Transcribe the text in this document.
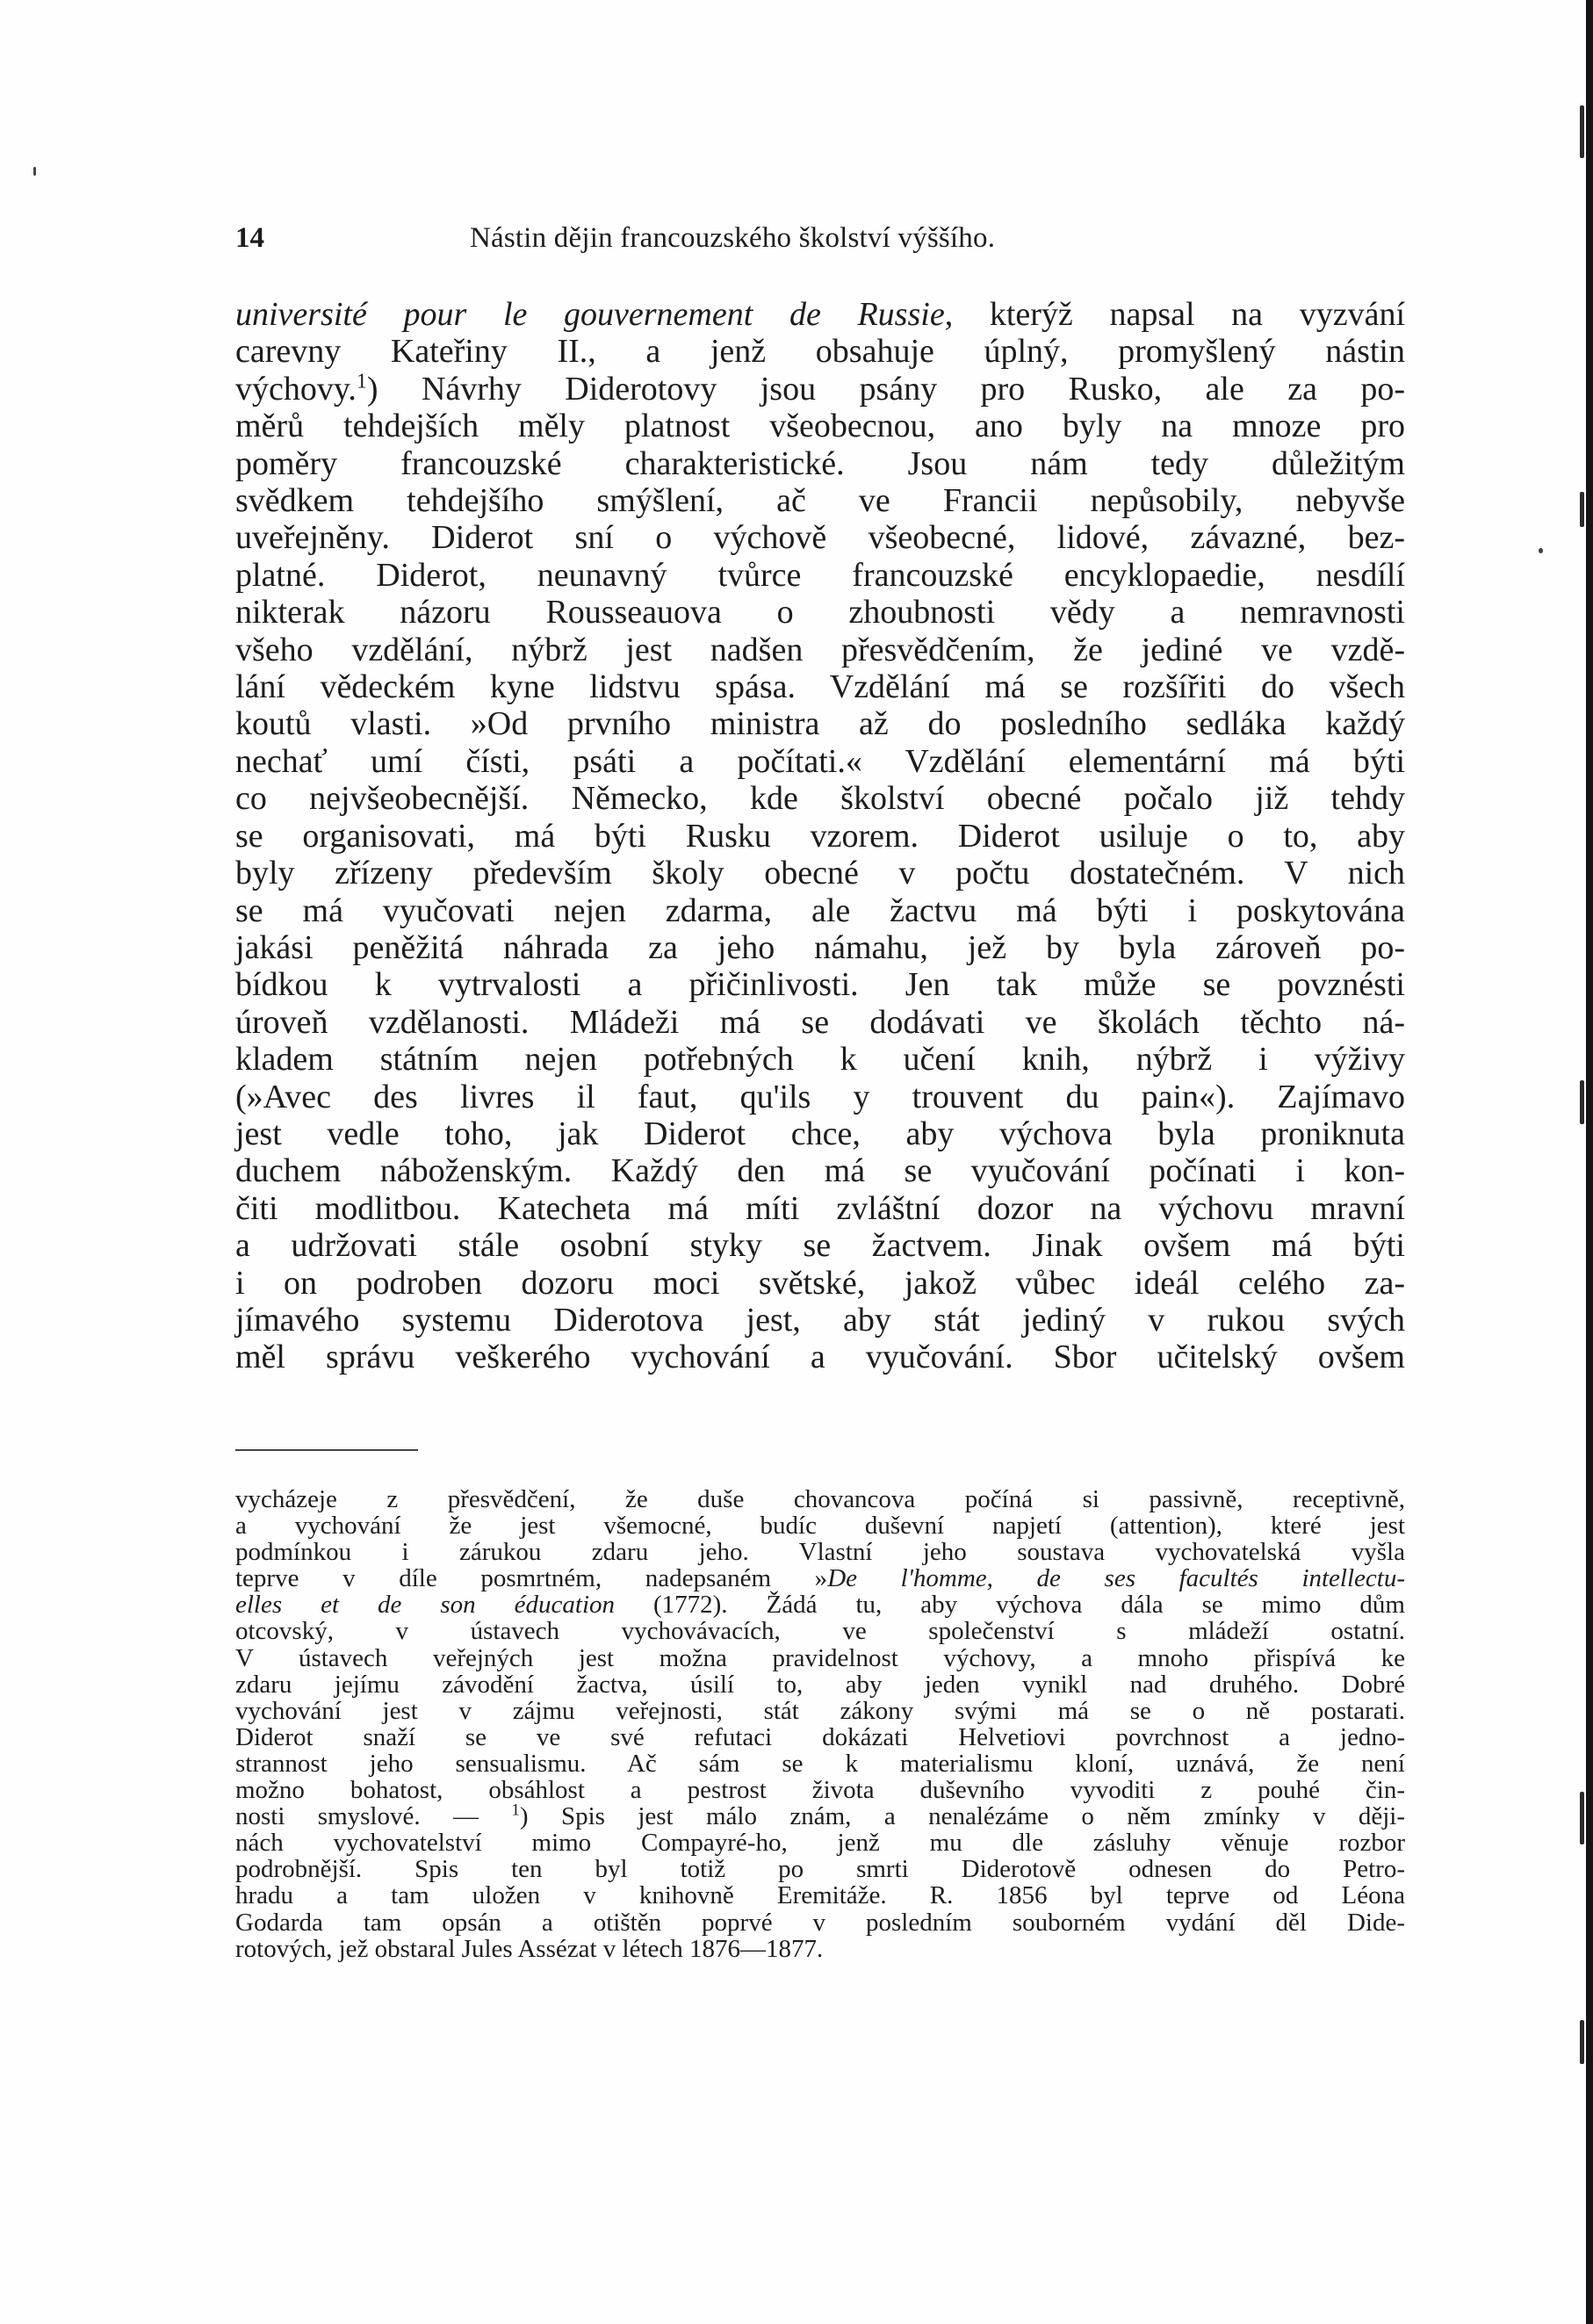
14	Nástin dějin francouzského školství výššího.
université pour le gouvernement de Russie, kterýž napsal na vyzvání
carevny Kateřiny II., a jenž obsahuje úplný, promyšlený nástin
výchovy.$^1$) Návrhy Diderotovy jsou psány pro Rusko, ale za po-
měrů tehdejších měly platnost všeobecnou, ano byly na mnoze pro
poměry francouzské charakteristické. Jsou nám tedy důležitým
svědkem tehdejšího smýšlení, ač ve Francii nepůsobily, nebyvše
uveřejněny. Diderot sní o výchově všeobecné, lidové, závazné, bez-
platné. Diderot, neunavný tvůrce francouzské encyklopaedie, nesdílí
nikterak názoru Rousseauova o zhoubnosti vědy a nemravnosti
všeho vzdělání, nýbrž jest nadšen přesvědčením, že jediné ve vzdě-
lání vědeckém kyne lidstvu spása. Vzdělání má se rozšířiti do všech
koutů vlasti. »Od prvního ministra až do posledního sedláka každý
nechať umí čísti, psáti a počítati.« Vzdělání elementární má býti
co nejvšeobecnější. Německo, kde školství obecné počalo již tehdy
se organisovati, má býti Rusku vzorem. Diderot usiluje o to, aby
byly zřízeny především školy obecné v počtu dostatečném. V nich
se má vyučovati nejen zdarma, ale žactvu má býti i poskytována
jakási peněžitá náhrada za jeho námahu, jež by byla zároveň po-
bídkou k vytrvalosti a přičinlivosti. Jen tak může se povznésti
úroveň vzdělanosti. Mládeži má se dodávati ve školách těchto ná-
kladem státním nejen potřebných k učení knih, nýbrž i výživy
(»Avec des livres il faut, qu'ils y trouvent du pain«). Zajímavo
jest vedle toho, jak Diderot chce, aby výchova byla proniknuta
duchem náboženským. Každý den má se vyučování počínati i kon-
čiti modlitbou. Katecheta má míti zvláštní dozor na výchovu mravní
a udržovati stále osobní styky se žactvem. Jinak ovšem má býti
i on podroben dozoru moci světské, jakož vůbec ideál celého za-
jímavého systemu Diderotova jest, aby stát jediný v rukou svých
měl správu veškerého vychování a vyučování. Sbor učitelský ovšem
vycházeje z přesvědčení, že duše chovancova počíná si passivně, receptivně,
a vychování že jest všemocné, budíc duševní napjetí (attention), které jest
podmínkou i zárukou zdaru jeho. Vlastní jeho soustava vychovatelská vyšla
teprve v díle posmrtném, nadepsaném »De l'homme, de ses facultés intellectu-
elles et de son éducation (1772). Žádá tu, aby výchova dála se mimo dům
otcovský, v ústavech vychovávacích, ve společenství s mládeží ostatní.
V ústavech veřejných jest možna pravidelnost výchovy, a mnoho přispívá ke
zdaru jejímu závodění žactva, úsilí to, aby jeden vynikl nad druhého. Dobré
vychování jest v zájmu veřejnosti, stát zákony svými má se o ně postarati.
Diderot snaží se ve své refutaci dokázati Helvetiovi povrchnost a jedno-
strannost jeho sensualismu. Ač sám se k materialismu kloní, uznává, že není
možno bohatost, obsáhlost a pestrost života duševního vyvoditi z pouhé čin-
nosti smyslové. — $^1$) Spis jest málo znám, a nenalézáme o něm zmínky v ději-
nách vychovatelství mimo Compayré-ho, jenž mu dle zásluhy věnuje rozbor
podrobnější. Spis ten byl totiž po smrti Diderotově odnesen do Petro-
hradu a tam uložen v knihovně Eremitáže. R. 1856 byl teprve od Léona
Godarda tam opsán a otištěn poprvé v posledním souborném vydání děl Dide-
rotových, jež obstaral Jules Assézat v létech 1876—1877.
